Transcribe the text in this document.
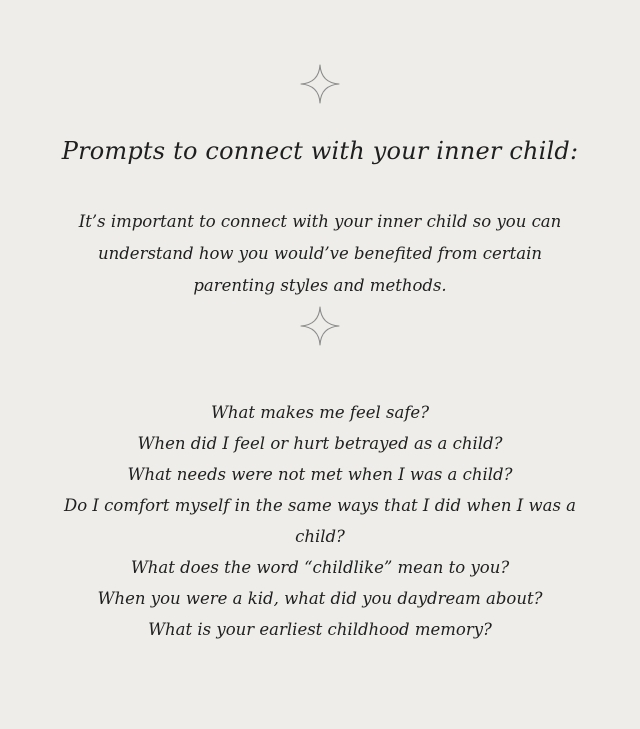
Prompts to connect with your inner child:

It’s important to connect with your inner child so you can understand how you would’ve benefited from certain parenting styles and methods.

What makes me feel safe?
When did I feel or hurt betrayed as a child?
What needs were not met when I was a child?
Do I comfort myself in the same ways that I did when I was a child?
What does the word “childlike” mean to you?
When you were a kid, what did you daydream about?
What is your earliest childhood memory?
